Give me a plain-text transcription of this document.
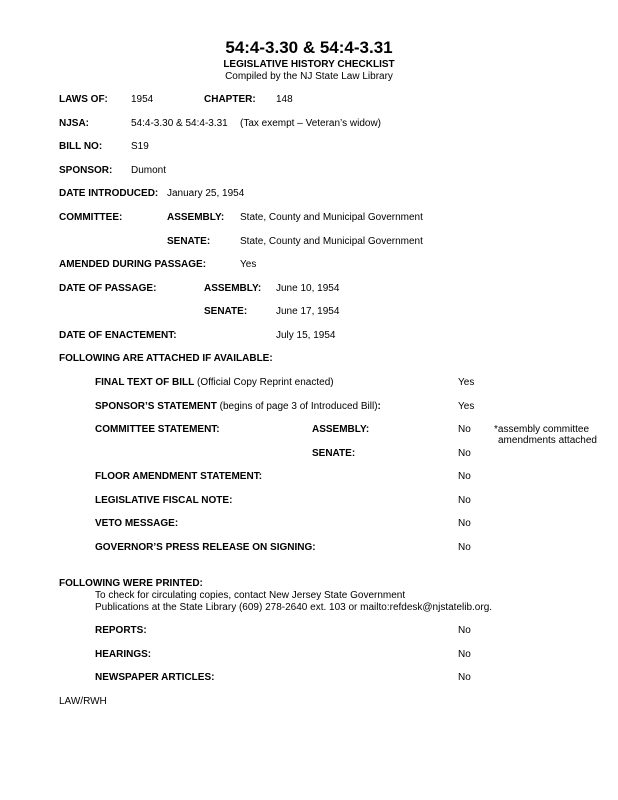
54:4-3.30 & 54:4-3.31
LEGISLATIVE HISTORY CHECKLIST
Compiled by the NJ State Law Library
LAWS OF: 1954	CHAPTER: 148
NJSA:	54:4-3.30 & 54:4-3.31 (Tax exempt – Veteran’s widow)
BILL NO:	S19
SPONSOR: Dumont
DATE INTRODUCED: January 25, 1954
COMMITTEE:	ASSEMBLY: State, County and Municipal Government
SENATE:	State, County and Municipal Government
AMENDED DURING PASSAGE:	Yes
DATE OF PASSAGE:	ASSEMBLY: June 10, 1954
SENATE:	June 17, 1954
DATE OF ENACTEMENT:	July 15, 1954
FOLLOWING ARE ATTACHED IF AVAILABLE:
FINAL TEXT OF BILL (Official Copy Reprint enacted)	Yes
SPONSOR’S STATEMENT (begins of page 3 of Introduced Bill):	Yes
COMMITTEE STATEMENT:	ASSEMBLY:	No *assembly committee
amendments attached
SENATE:	No
FLOOR AMENDMENT STATEMENT:	No
LEGISLATIVE FISCAL NOTE:	No
VETO MESSAGE:	No
GOVERNOR’S PRESS RELEASE ON SIGNING:	No
FOLLOWING WERE PRINTED:
To check for circulating copies, contact New Jersey State Government
Publications at the State Library (609) 278-2640 ext. 103 or mailto:refdesk@njstatelib.org.
REPORTS:	No
HEARINGS:	No
NEWSPAPER ARTICLES:	No
LAW/RWH
